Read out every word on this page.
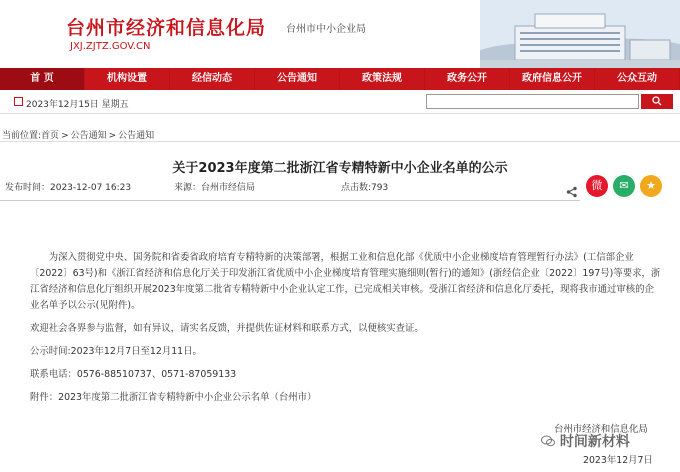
台州市经济和信息化局 台州市中小企业局
JXJ.ZJTZ.GOV.CN
首 页	机构设置	经信动态	公告通知	政策法规	政务公开	政府信息公开	公众互动
2023年12月15日 星期五
当前位置:首页 > 公告通知 > 公告通知
关于2023年度第二批浙江省专精特新中小企业名单的公示
发布时间：2023-12-07 16:23	来源：台州市经信局	点击数:793	微	✉	★

为深入贯彻党中央、国务院和省委省政府培育专精特新的决策部署，根据工业和信息化部《优质中小企业梯度培育管理暂行办法》(工信部企业〔2022〕63号)和《浙江省经济和信息化厅关于印发浙江省优质中小企业梯度培育管理实施细则(暂行)的通知》(浙经信企业〔2022〕197号)等要求，浙江省经济和信息化厅组织开展2023年度第二批省专精特新中小企业认定工作，已完成相关审核。受浙江省经济和信息化厅委托，现将我市通过审核的企业名单予以公示(见附件)。

欢迎社会各界参与监督，如有异议，请实名反馈，并提供佐证材料和联系方式，以便核实查证。

公示时间:2023年12月7日至12月11日。

联系电话：0576-88510737、0571-87059133

附件：2023年度第二批浙江省专精特新中小企业公示名单（台州市）

台州市经济和信息化局
时间新材料
2023年12月7日
